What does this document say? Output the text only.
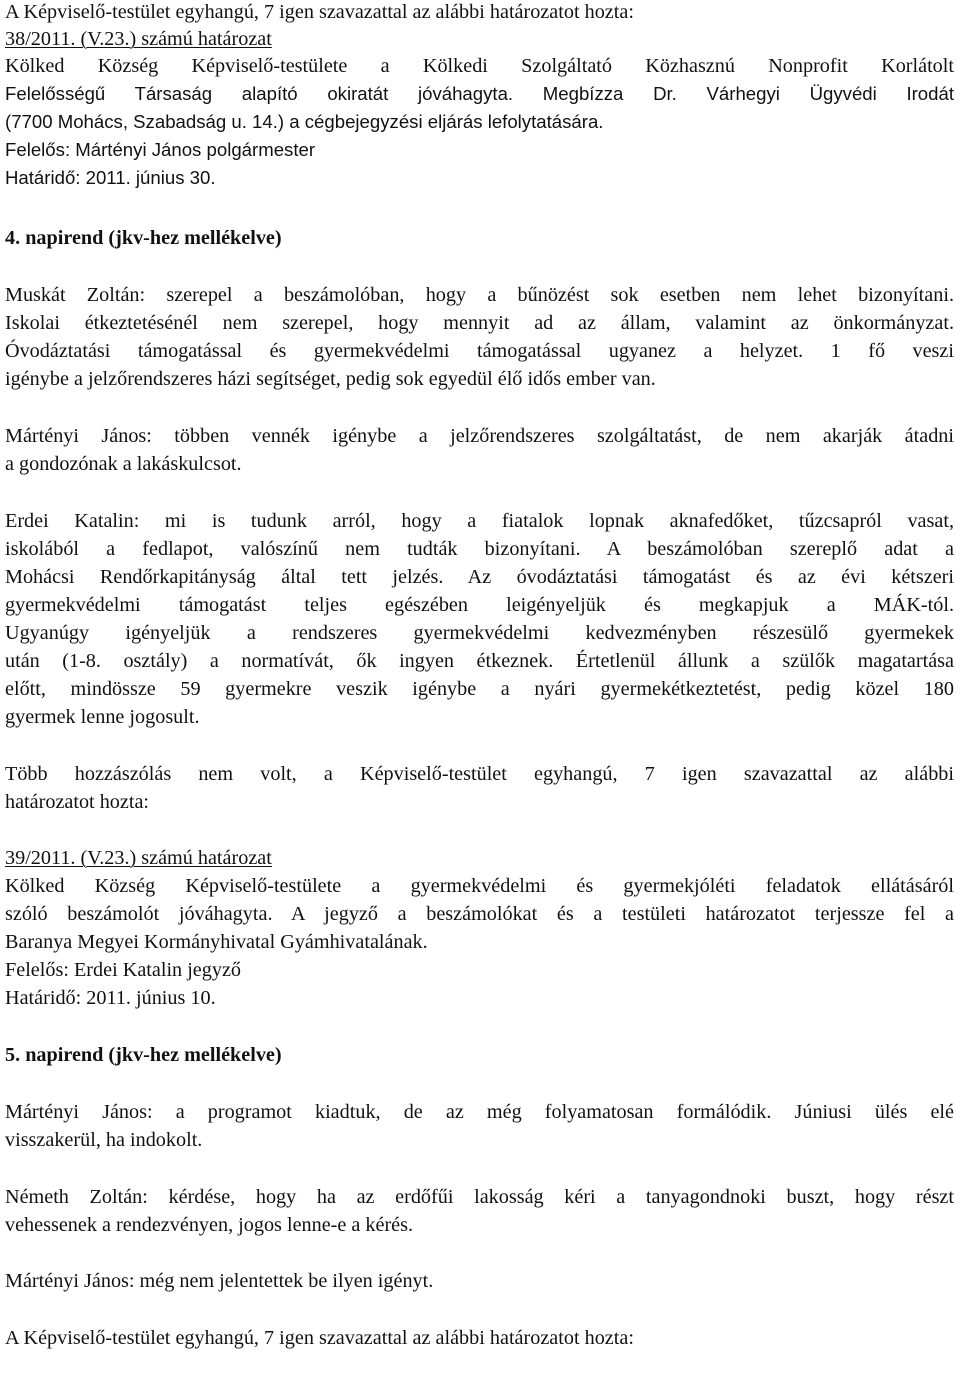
A Képviselő-testület egyhangú, 7 igen szavazattal az alábbi határozatot hozta:
38/2011. (V.23.) számú határozat
Kölked Község Képviselő-testülete a Kölkedi Szolgáltató Közhasznú Nonprofit Korlátolt
Felelősségű Társaság alapító okiratát jóváhagyta. Megbízza Dr. Várhegyi Ügyvédi Irodát
(7700 Mohács, Szabadság u. 14.) a cégbejegyzési eljárás lefolytatására.
Felelős: Mártényi János polgármester
Határidő: 2011. június 30.
4. napirend (jkv-hez mellékelve)
Muskát Zoltán: szerepel a beszámolóban, hogy a bűnözést sok esetben nem lehet bizonyítani.
Iskolai étkeztetésénél nem szerepel, hogy mennyit ad az állam, valamint az önkormányzat.
Óvodáztatási támogatással és gyermekvédelmi támogatással ugyanez a helyzet. 1 fő veszi
igénybe a jelzőrendszeres házi segítséget, pedig sok egyedül élő idős ember van.
Mártényi János: többen vennék igénybe a jelzőrendszeres szolgáltatást, de nem akarják átadni
a gondozónak a lakáskulcsot.
Erdei Katalin: mi is tudunk arról, hogy a fiatalok lopnak aknafedőket, tűzcsapról vasat,
iskolából a fedlapot, valószínű nem tudták bizonyítani. A beszámolóban szereplő adat a
Mohácsi Rendőrkapitányság által tett jelzés. Az óvodáztatási támogatást és az évi kétszeri
gyermekvédelmi támogatást teljes egészében leigényeljük és megkapjuk a MÁK-tól.
Ugyanúgy igényeljük a rendszeres gyermekvédelmi kedvezményben részesülő gyermekek
után (1-8. osztály) a normatívát, ők ingyen étkeznek. Értetlenül állunk a szülők magatartása
előtt, mindössze 59 gyermekre veszik igénybe a nyári gyermekétkeztetést, pedig közel 180
gyermek lenne jogosult.
Több hozzászólás nem volt, a Képviselő-testület egyhangú, 7 igen szavazattal az alábbi
határozatot hozta:
39/2011. (V.23.) számú határozat
Kölked Község Képviselő-testülete a gyermekvédelmi és gyermekjóléti feladatok ellátásáról
szóló beszámolót jóváhagyta. A jegyző a beszámolókat és a testületi határozatot terjessze fel a
Baranya Megyei Kormányhivatal Gyámhivatalának.
Felelős: Erdei Katalin jegyző
Határidő: 2011. június 10.
5. napirend (jkv-hez mellékelve)
Mártényi János: a programot kiadtuk, de az még folyamatosan formálódik. Júniusi ülés elé
visszakerül, ha indokolt.
Németh Zoltán: kérdése, hogy ha az erdőfűi lakosság kéri a tanyagondnoki buszt, hogy részt
vehessenek a rendezvényen, jogos lenne-e a kérés.
Mártényi János: még nem jelentettek be ilyen igényt.
A Képviselő-testület egyhangú, 7 igen szavazattal az alábbi határozatot hozta:
